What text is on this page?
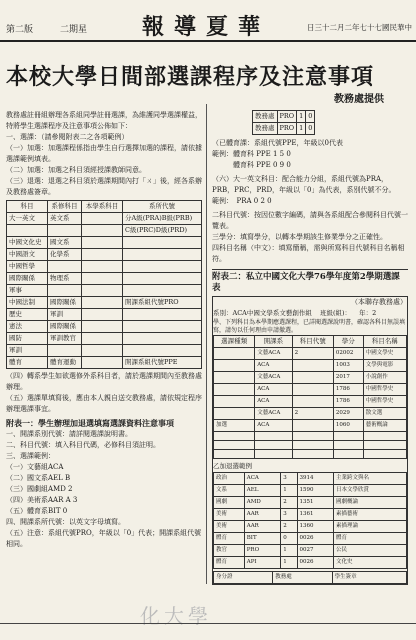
第二版	二期星 報導夏華	日三十二月二年七十七國民華中
本校大學日間部選課程序及注意事項
教務處提供

教務處註冊組辦理各系組同學註冊選課，為維護同學選課權益，特將學生選課程序及注意事項公佈如下：

一、選課：（請參閱附表二之各項範例）

（一）加選：加選課程係指由學生自行選擇加選的課程，請依據選課範例填表。

（二）加選：加選之科目須經授課教師同意。

（三）退選：退選之科目須於選課期間內打「ㄨ」後，經各系辦及教務處簽章。

科目	系修科目	本學系科目	系所代號
大一英文	英文系		分A級(PRA)B級(PRB)
			C級(PRC)D級(PRD)
中國文化史	國文系		
中國語文	化學系		
中國哲學			
國際關係	物理系		
軍事			
中國法制	國際關係		開課系組代號PRO
歷史	軍訓		
憲法	國際關係		
國防	軍訓教官		
軍訓			
體育	體育運動		開課系組代號PPE

（四）轉系學生如欲選修外系科目者，請於選課期間內至教務處辦理。

（五）選課單填寫後，應由本人親自送交教務處，請依規定程序辦理選課事宜。

附表一：學生辦理加退選填寫選課資料注意事項

一、開課系別代號：請詳閱選課說明書。

二、科目代號：填入科目代碼，必修科目須註明。

三、選課範例：

（一）文藝組ACA

（二）國文系AEL B

（三）國劇組AMD 2

（四）美術系AAR A 3

（五）體育系BIT 0

四、開課系所代號：以英文字母填寫。

（五）注意：系組代號PRO，年級以「0」代表；開課系組代號相同。

教務處	PRO	1	0
教務處	PRO	1	0

（已體育課：系組代號PPE，年級以0代表

範例：體育科 PPE 1 5 0

　　　體育科 PPE 0 9 0

（六）大一英文科目：配合能力分組，系組代號為PRA，PRB，PRC，PRD，年級以「0」為代表，系別代號不分。

範例：　PRA 0 2 0

二科目代號：按因位數字編碼，請與各系組配合參閱科目代號一覽表。

三學分：填寫學分，以轉本學期該生修業學分之正確性。

四科目名稱（中文）：填寫簡稱，需與所寫科目代號科目名稱相符。

附表二：私立中國文化大學76學年度第2學期選課表
（本聯存教務處）
系別：ACA中國文學系文藝創作組 班級(組)： 年：2
學、下列科目為本學期應選課程，已詳閱選課說明書，確認各科目無誤填寫，請勿以任何理由申請撤選。
選課種類	開課系	科目代號	學分	科目名稱
	文藝ACA	2	02002	中國文學史
	ACA		1003	文學與電影
	文藝ACA		2017	小說創作
	ACA		1786	中國哲學史
	ACA		1786	中國哲學史
	文藝ACA	2	2029	散文選
加選	ACA		1060	藝術概論

乙加退選範例
政治	ACA	3	3914	主業跨文與名
文系	AEL	1	1590	日本文學欣賞
國劇	AMD	2	1351	國劇概論
美術	AAR	3	1361	素描藝術
美術	AAR	2	1360	素描理論
體育	BIT	0	0026	體育
教官	PRO	1	0027	公民
體育	API	1	0026	文化史
身分證	教務處	學生簽章
化大學
